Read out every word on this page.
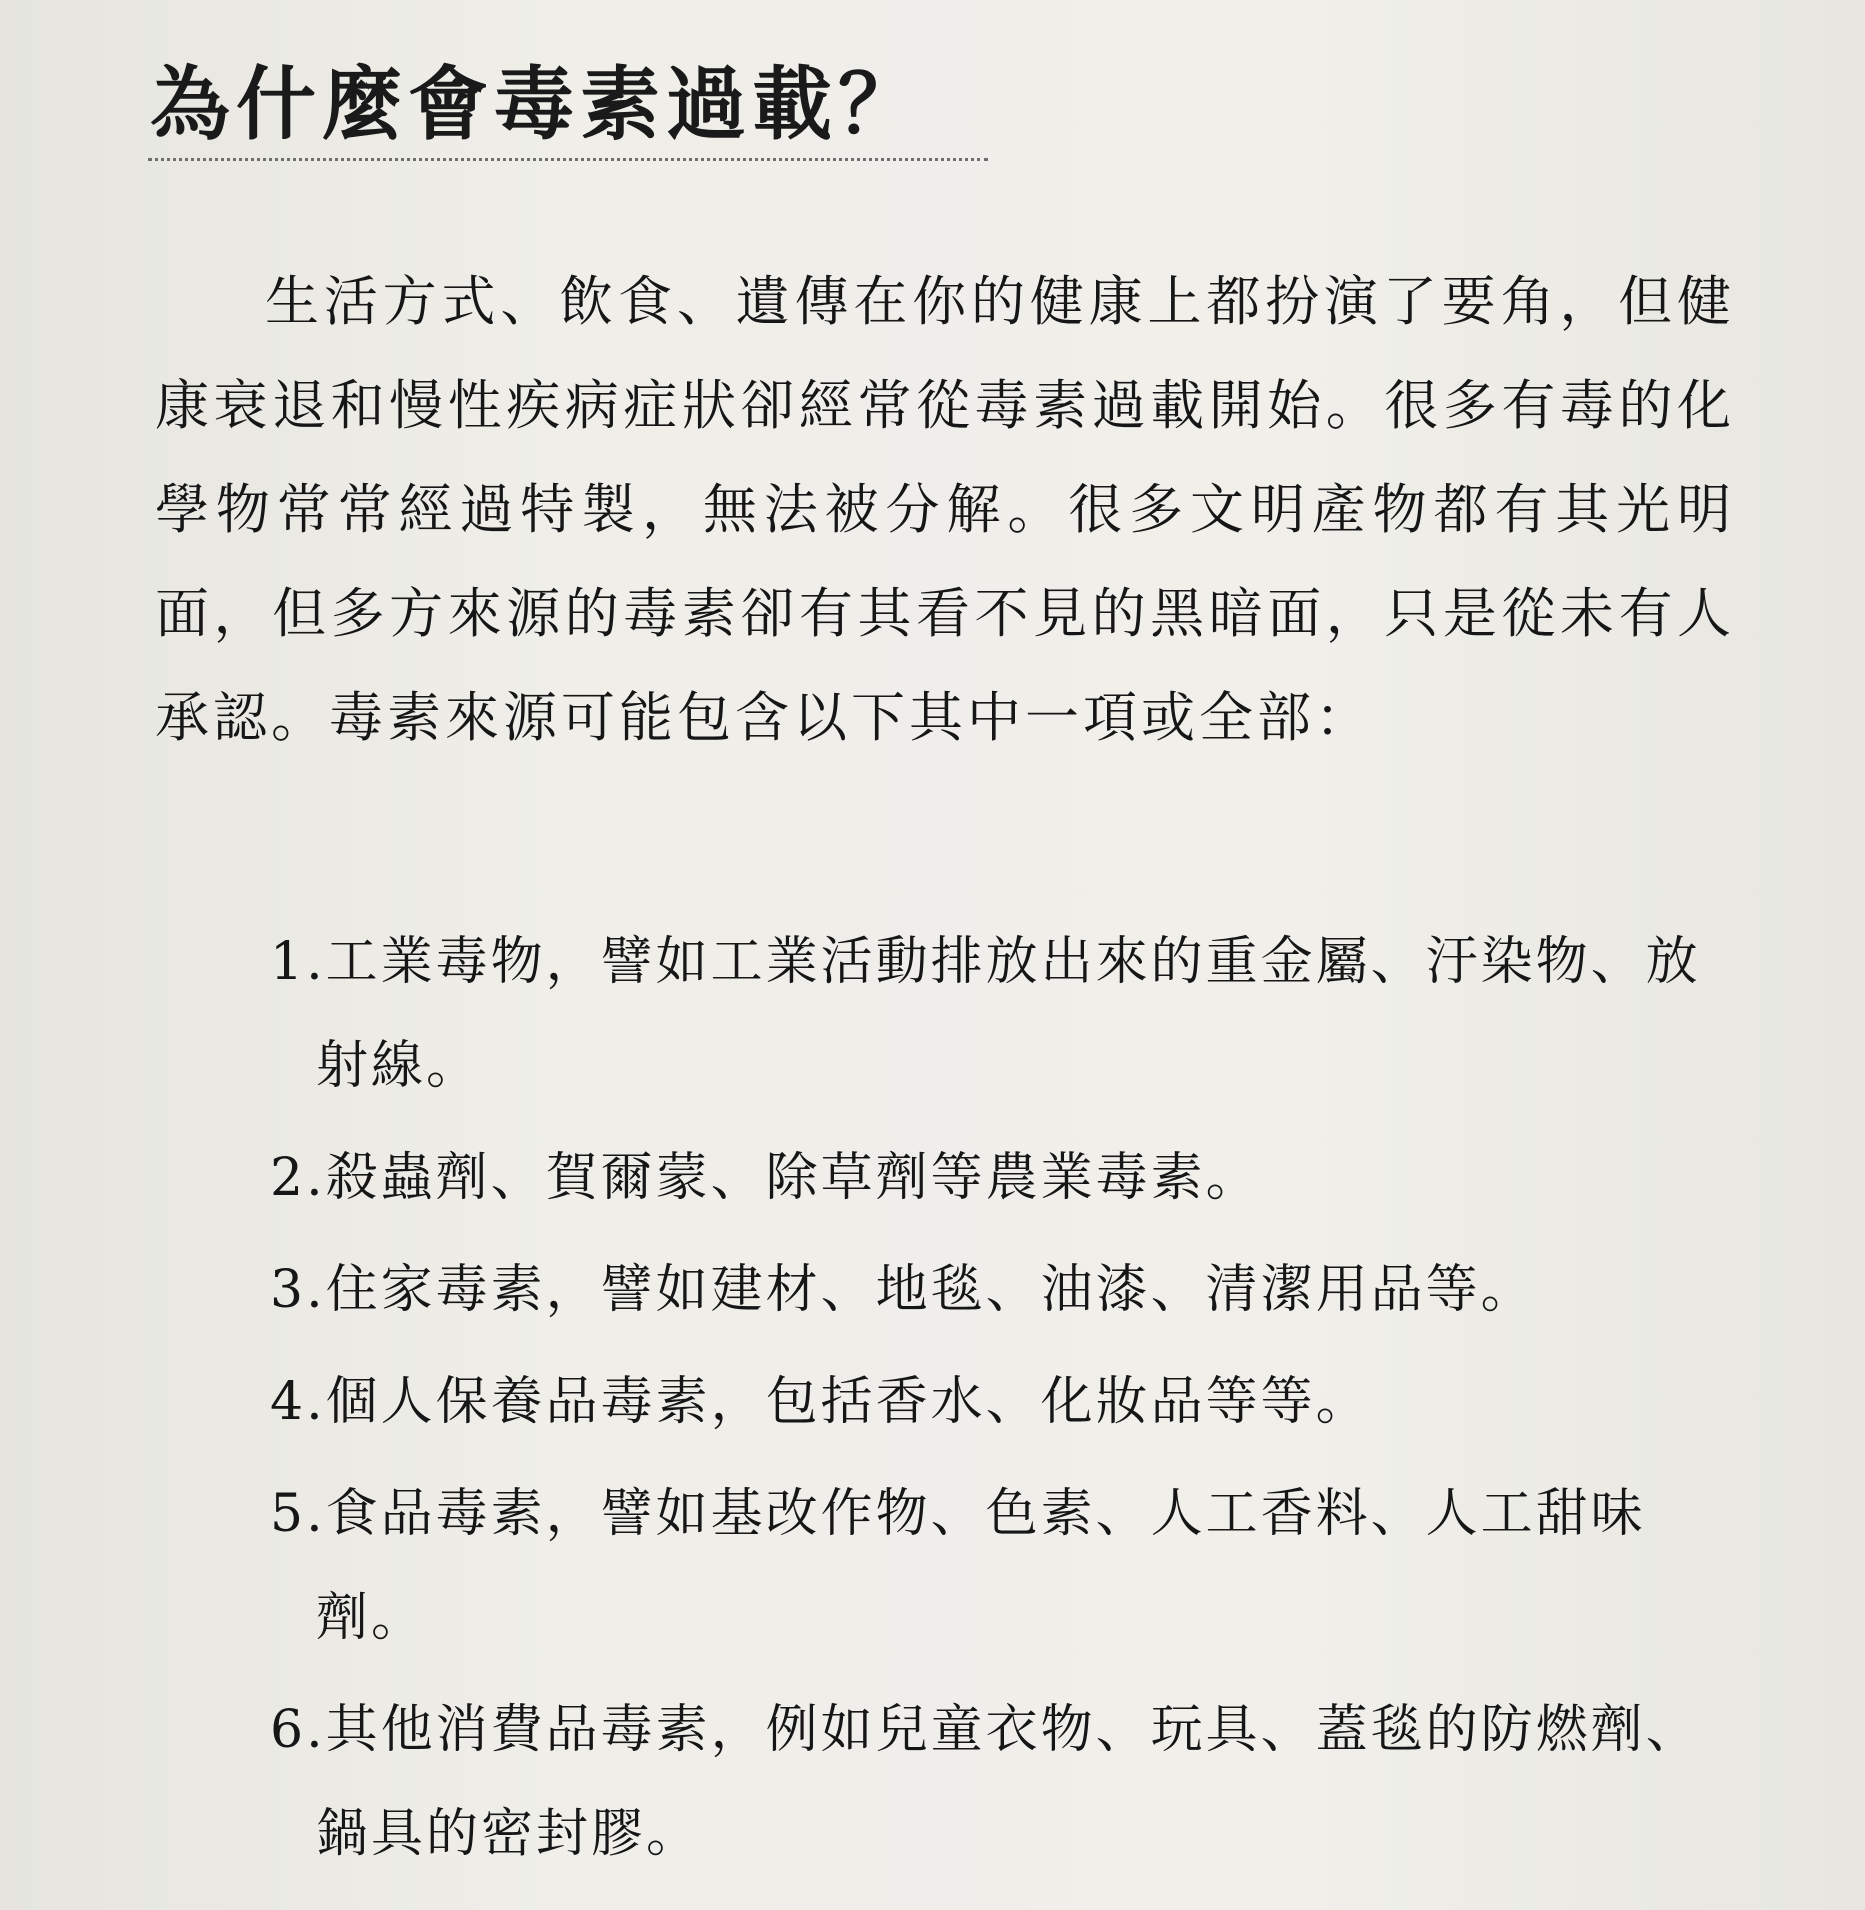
為什麼會毒素過載？

生活方式、飲食、遺傳在你的健康上都扮演了要角，但健康衰退和慢性疾病症狀卻經常從毒素過載開始。很多有毒的化學物常常經過特製，無法被分解。很多文明產物都有其光明面，但多方來源的毒素卻有其看不見的黑暗面，只是從未有人承認。毒素來源可能包含以下其中一項或全部：

1.工業毒物，譬如工業活動排放出來的重金屬、汙染物、放射線。
2.殺蟲劑、賀爾蒙、除草劑等農業毒素。
3.住家毒素，譬如建材、地毯、油漆、清潔用品等。
4.個人保養品毒素，包括香水、化妝品等等。
5.食品毒素，譬如基改作物、色素、人工香料、人工甜味劑。
6.其他消費品毒素，例如兒童衣物、玩具、蓋毯的防燃劑、鍋具的密封膠。
